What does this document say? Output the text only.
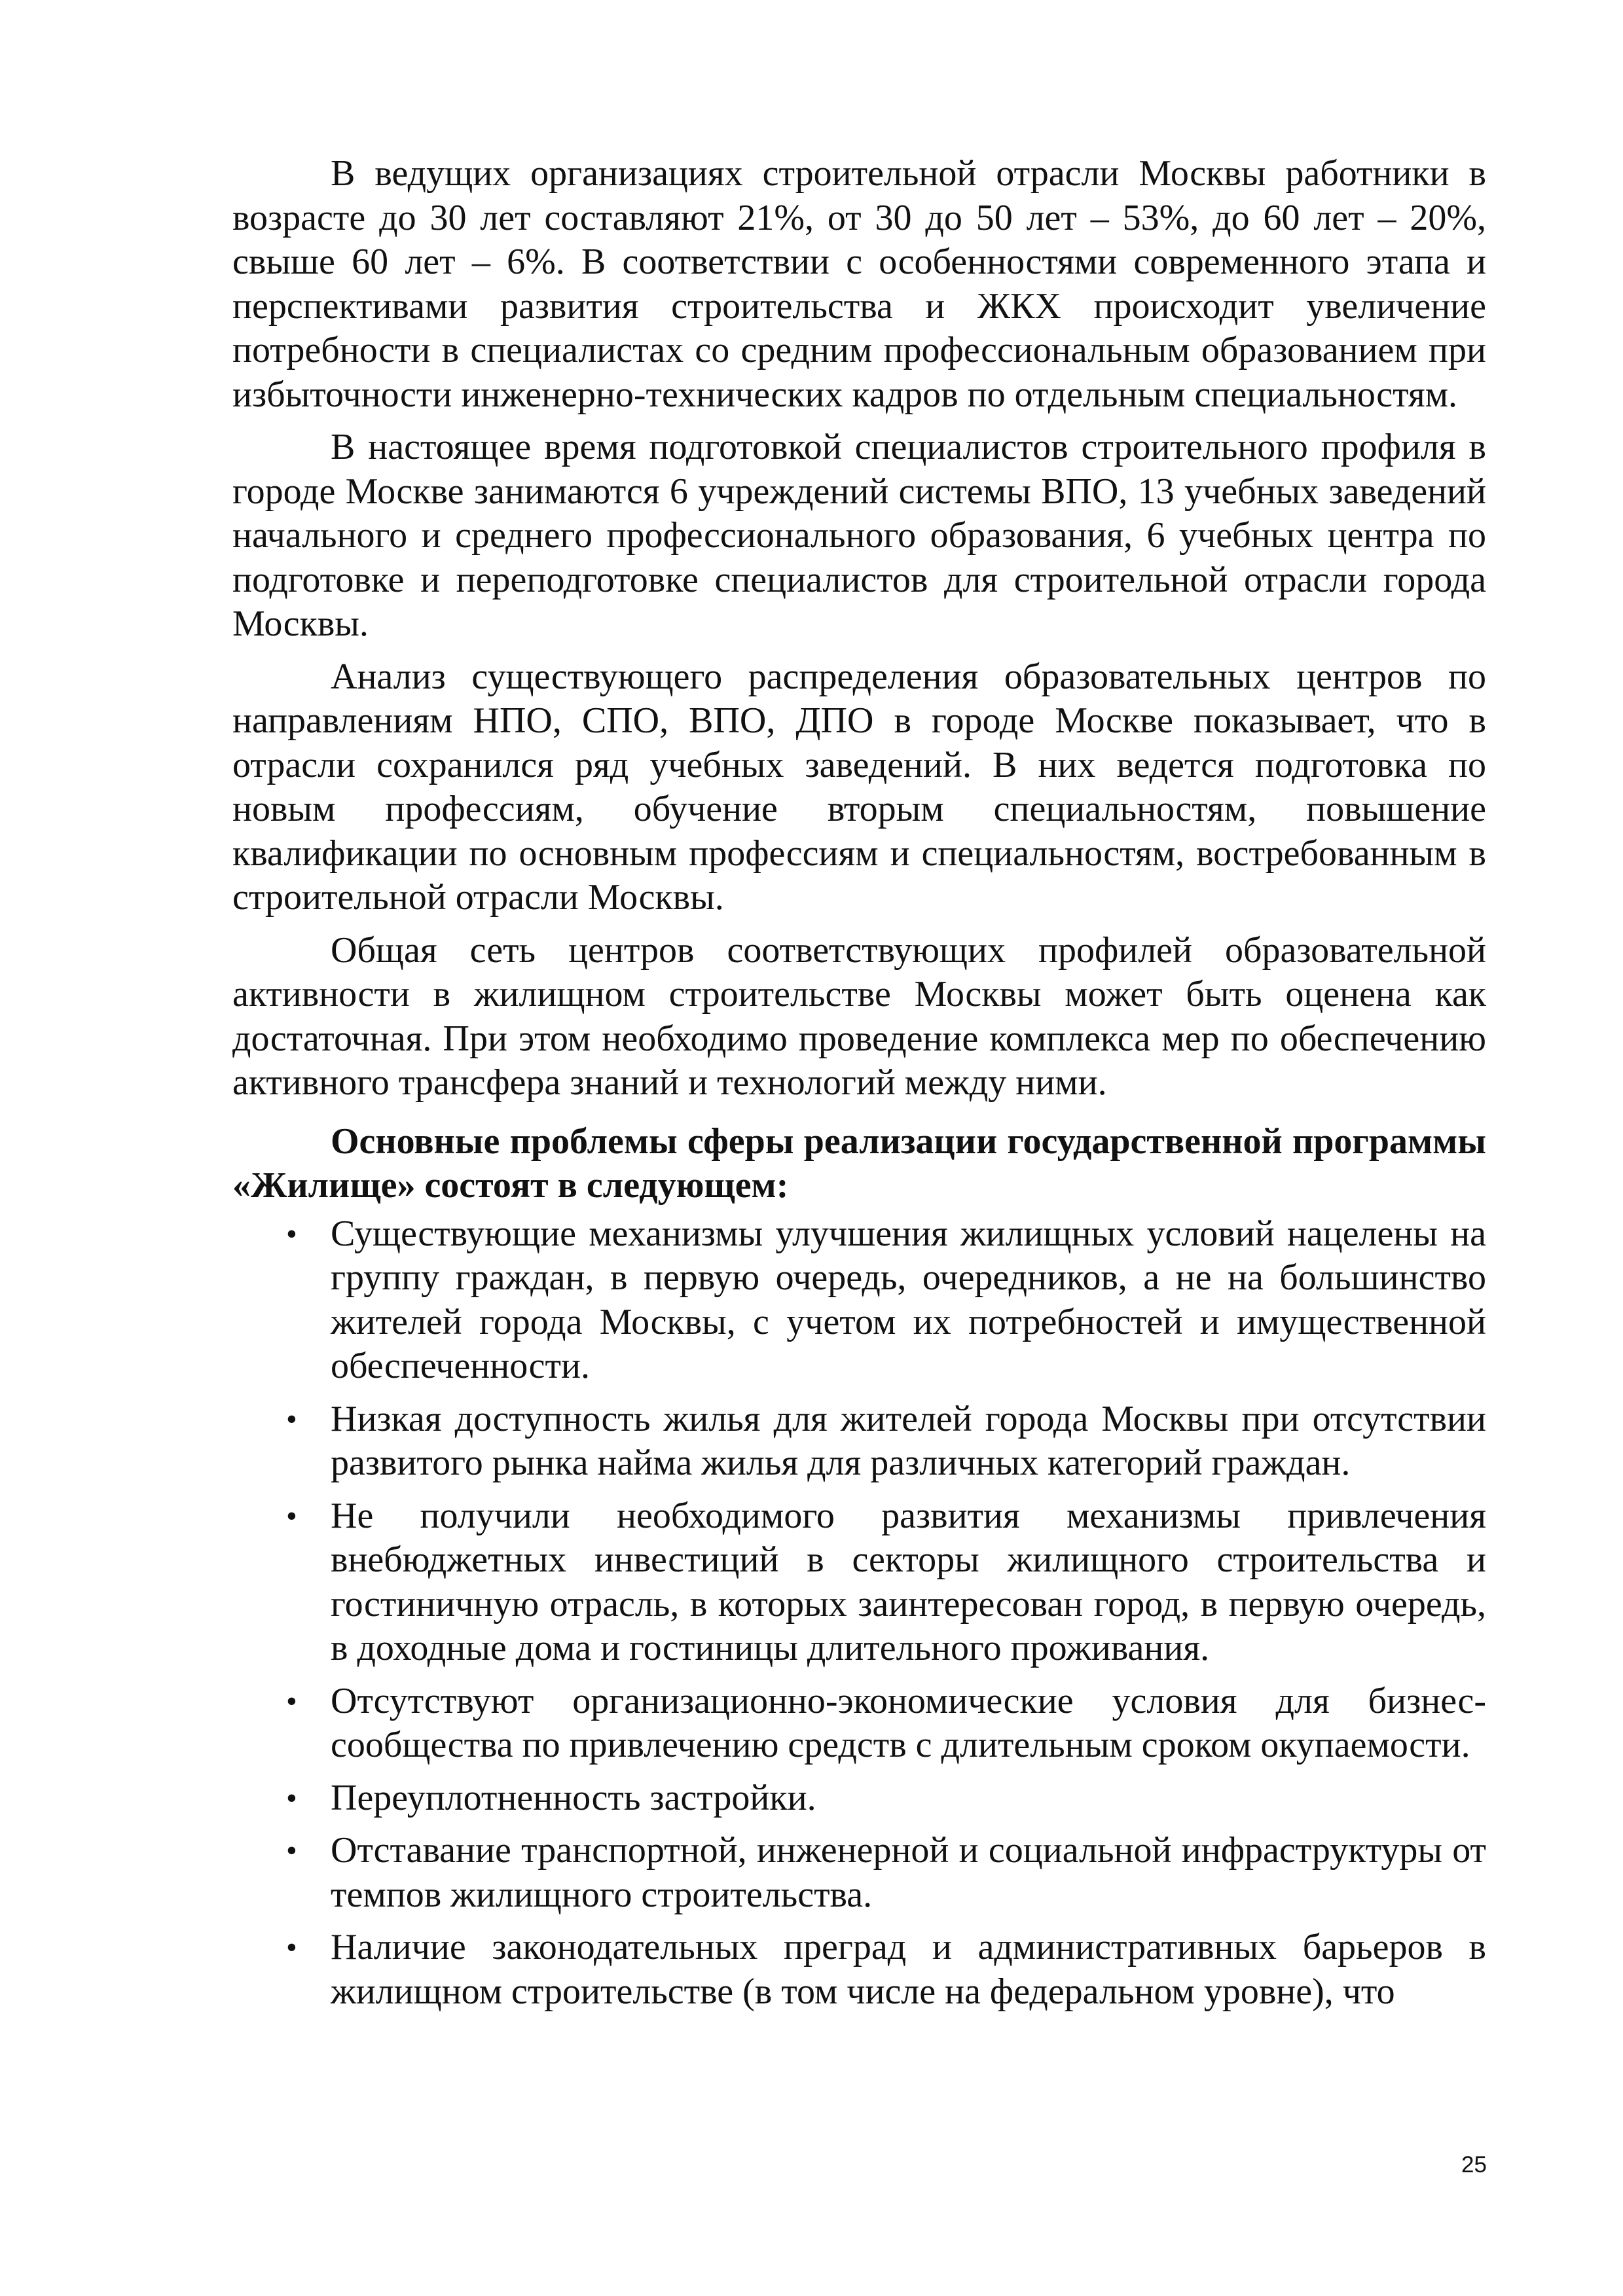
В ведущих организациях строительной отрасли Москвы работники в возрасте до 30 лет составляют 21%, от 30 до 50 лет – 53%, до 60 лет – 20%, свыше 60 лет – 6%. В соответствии с особенностями современного этапа и перспективами развития строительства и ЖКХ происходит увеличение потребности в специалистах со средним профессиональным образованием при избыточности инженерно-технических кадров по отдельным специальностям.

В настоящее время подготовкой специалистов строительного профиля в городе Москве занимаются 6 учреждений системы ВПО, 13 учебных заведений начального и среднего профессионального образования, 6 учебных центра по подготовке и переподготовке специалистов для строительной отрасли города Москвы.

Анализ существующего распределения образовательных центров по направлениям НПО, СПО, ВПО, ДПО в городе Москве показывает, что в отрасли сохранился ряд учебных заведений. В них ведется подготовка по новым профессиям, обучение вторым специальностям, повышение квалификации по основным профессиям и специальностям, востребованным в строительной отрасли Москвы.

Общая сеть центров соответствующих профилей образовательной активности в жилищном строительстве Москвы может быть оценена как достаточная. При этом необходимо проведение комплекса мер по обеспечению активного трансфера знаний и технологий между ними.

Основные проблемы сферы реализации государственной программы «Жилище» состоят в следующем:

• Существующие механизмы улучшения жилищных условий нацелены на группу граждан, в первую очередь, очередников, а не на большинство жителей города Москвы, с учетом их потребностей и имущественной обеспеченности.
• Низкая доступность жилья для жителей города Москвы при отсутствии развитого рынка найма жилья для различных категорий граждан.
• Не получили необходимого развития механизмы привлечения внебюджетных инвестиций в секторы жилищного строительства и гостиничную отрасль, в которых заинтересован город, в первую очередь, в доходные дома и гостиницы длительного проживания.
• Отсутствуют организационно-экономические условия для бизнес-сообщества по привлечению средств с длительным сроком окупаемости.
• Переуплотненность застройки.
• Отставание транспортной, инженерной и социальной инфраструктуры от темпов жилищного строительства.
• Наличие законодательных преград и административных барьеров в жилищном строительстве (в том числе на федеральном уровне), что
25
